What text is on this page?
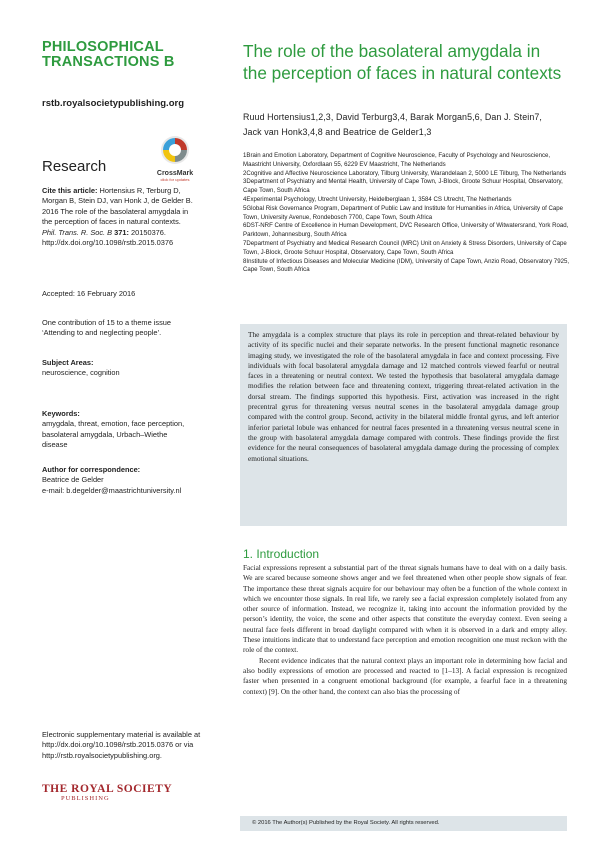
PHILOSOPHICAL
TRANSACTIONS B
rstb.royalsocietypublishing.org
Research	CrossMark
click for updates
Cite this article: Hortensius R, Terburg D, Morgan B, Stein DJ, van Honk J, de Gelder B. 2016 The role of the basolateral amygdala in the perception of faces in natural contexts. Phil. Trans. R. Soc. B 371: 20150376. http://dx.doi.org/10.1098/rstb.2015.0376
Accepted: 16 February 2016
One contribution of 15 to a theme issue ‘Attending to and neglecting people’.
Subject Areas:
neuroscience, cognition
Keywords:
amygdala, threat, emotion, face perception, basolateral amygdala, Urbach–Wiethe disease
Author for correspondence:
Beatrice de Gelder
e-mail: b.degelder@maastrichtuniversity.nl
Electronic supplementary material is available at http://dx.doi.org/10.1098/rstb.2015.0376 or via http://rstb.royalsocietypublishing.org.
THE ROYAL SOCIETY
PUBLISHING
The role of the basolateral amygdala in the perception of faces in natural contexts
Ruud Hortensius1,2,3, David Terburg3,4, Barak Morgan5,6, Dan J. Stein7,
Jack van Honk3,4,8 and Beatrice de Gelder1,3
1Brain and Emotion Laboratory, Department of Cognitive Neuroscience, Faculty of Psychology and Neuroscience, Maastricht University, Oxfordlaan 55, 6229 EV Maastricht, The Netherlands
2Cognitive and Affective Neuroscience Laboratory, Tilburg University, Warandelaan 2, 5000 LE Tilburg, The Netherlands
3Department of Psychiatry and Mental Health, University of Cape Town, J-Block, Groote Schuur Hospital, Observatory, Cape Town, South Africa
4Experimental Psychology, Utrecht University, Heidelberglaan 1, 3584 CS Utrecht, The Netherlands
5Global Risk Governance Program, Department of Public Law and Institute for Humanities in Africa, University of Cape Town, University Avenue, Rondebosch 7700, Cape Town, South Africa
6DST-NRF Centre of Excellence in Human Development, DVC Research Office, University of Witwatersrand, York Road, Parktown, Johannesburg, South Africa
7Department of Psychiatry and Medical Research Council (MRC) Unit on Anxiety & Stress Disorders, University of Cape Town, J-Block, Groote Schuur Hospital, Observatory, Cape Town, South Africa
8Institute of Infectious Diseases and Molecular Medicine (IDM), University of Cape Town, Anzio Road, Observatory 7925, Cape Town, South Africa

The amygdala is a complex structure that plays its role in perception and threat-related behaviour by activity of its specific nuclei and their separate networks. In the present functional magnetic resonance imaging study, we investigated the role of the basolateral amygdala in face and context processing. Five individuals with focal basolateral amygdala damage and 12 matched controls viewed fearful or neutral faces in a threatening or neutral context. We tested the hypothesis that basolateral amygdala damage modifies the relation between face and threatening context, triggering threat-related activation in the dorsal stream. The findings supported this hypothesis. First, activation was increased in the right precentral gyrus for threatening versus neutral scenes in the basolateral amygdala damage group compared with the control group. Second, activity in the bilateral middle frontal gyrus, and left anterior inferior parietal lobule was enhanced for neutral faces presented in a threatening versus neutral scene in the group with basolateral amygdala damage compared with controls. These findings provide the first evidence for the neural consequences of basolateral amygdala damage during the processing of complex emotional situations.

1. Introduction

Facial expressions represent a substantial part of the threat signals humans have to deal with on a daily basis. We are scared because someone shows anger and we feel threatened when other people show signals of fear. The importance these threat signals acquire for our behaviour may often be a function of the whole context in which we encounter those signals. In real life, we rarely see a facial expression completely isolated from any other source of information. Instead, we recognize it, taking into account the information provided by the person’s identity, the voice, the scene and other aspects that constitute the everyday context. Even seeing a neutral face feels different in broad daylight compared with when it is observed in a dark and empty alley. These intuitions indicate that to understand face perception and emotion recognition one must reckon with the role of the context.

Recent evidence indicates that the natural context plays an important role in determining how facial and also bodily expressions of emotion are processed and reacted to [1–13]. A facial expression is recognized faster when presented in a congruent emotional background (for example, a fearful face in a threatening context) [9]. On the other hand, the context can also bias the processing of

© 2016 The Author(s) Published by the Royal Society. All rights reserved.
